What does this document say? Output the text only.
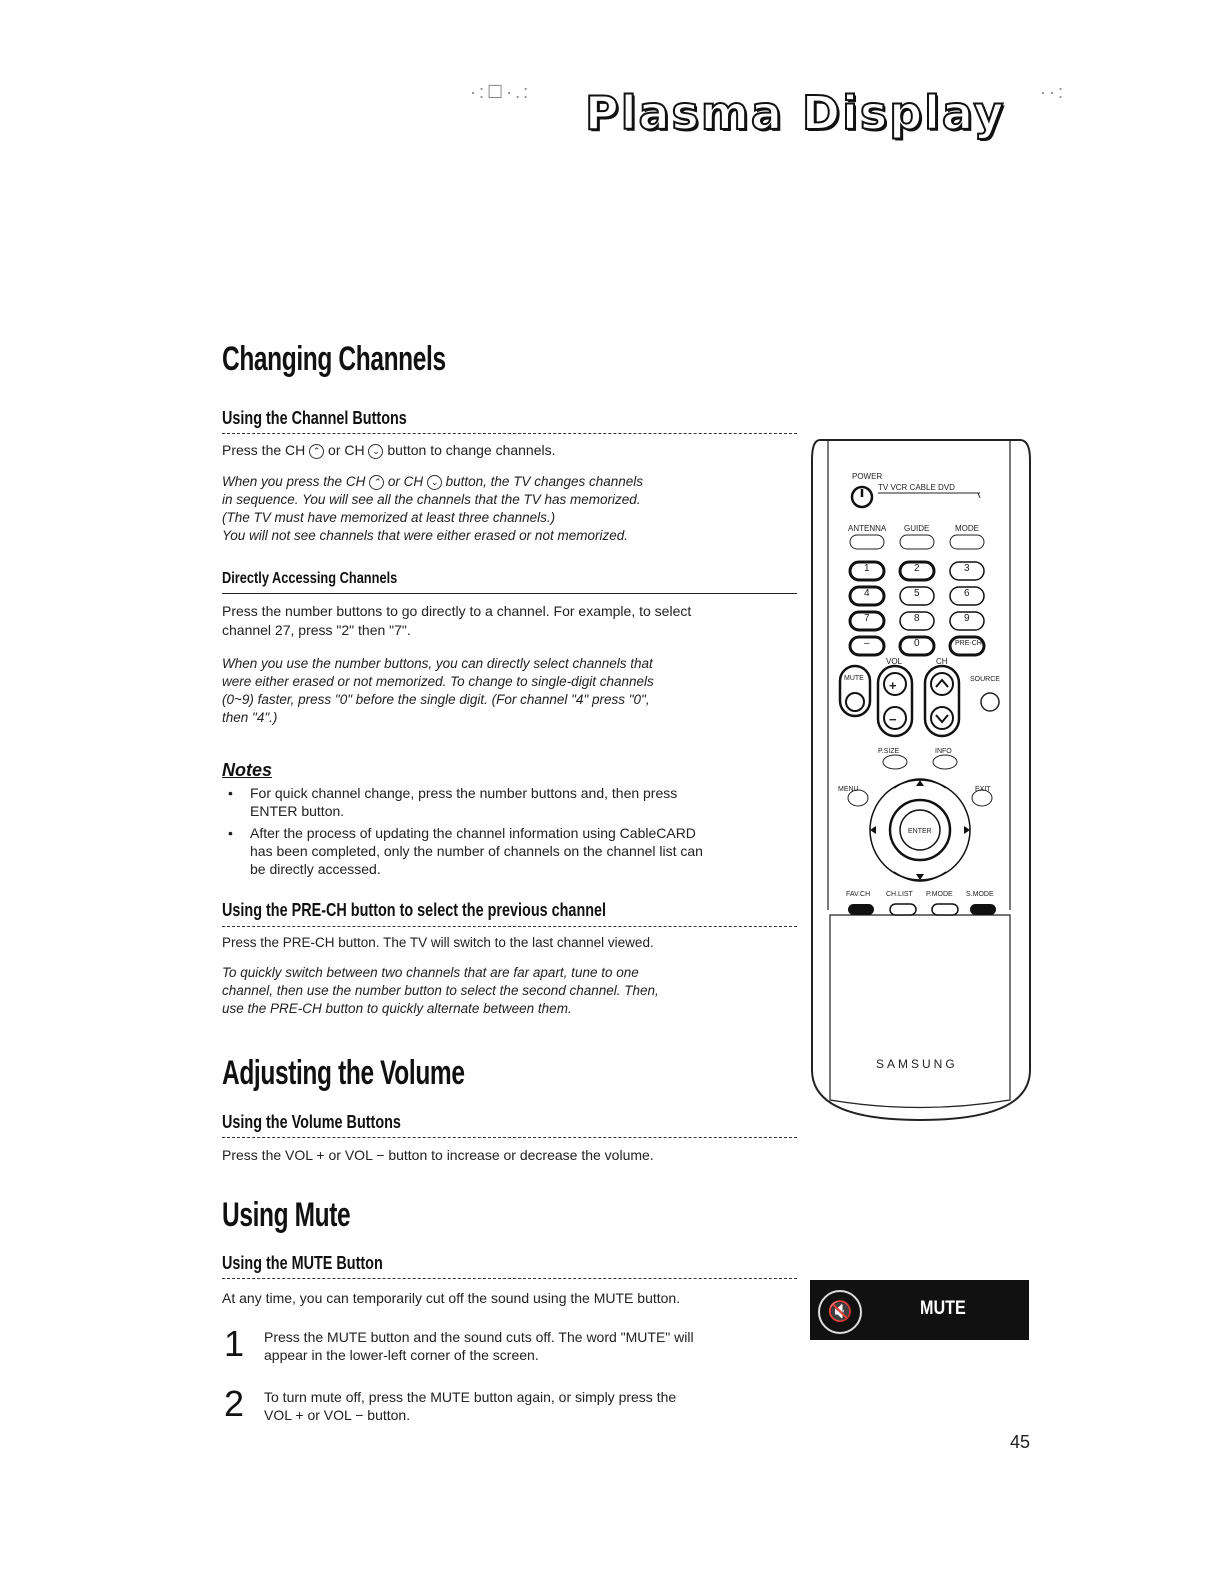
·:☐·.: Plasma Display ··:
Changing Channels
Using the Channel Buttons
Press the CH ⌃ or CH ⌄ button to change channels.
When you press the CH ⌃ or CH ⌄ button, the TV changes channels
in sequence. You will see all the channels that the TV has memorized.
(The TV must have memorized at least three channels.)
You will not see channels that were either erased or not memorized.
Directly Accessing Channels
Press the number buttons to go directly to a channel. For example, to select
channel 27, press "2" then "7".
When you use the number buttons, you can directly select channels that
were either erased or not memorized. To change to single-digit channels
(0~9) faster, press "0" before the single digit. (For channel "4" press "0",
then "4".)
Notes
• For quick channel change, press the number buttons and, then press
ENTER button.
• After the process of updating the channel information using CableCARD
has been completed, only the number of channels on the channel list can
be directly accessed.
Using the PRE-CH button to select the previous channel
Press the PRE-CH button. The TV will switch to the last channel viewed.
To quickly switch between two channels that are far apart, tune to one
channel, then use the number button to select the second channel. Then,
use the PRE-CH button to quickly alternate between them.
Adjusting the Volume
Using the Volume Buttons
Press the VOL + or VOL − button to increase or decrease the volume.
Using Mute
Using the MUTE Button
At any time, you can temporarily cut off the sound using the MUTE button.
1 Press the MUTE button and the sound cuts off. The word "MUTE" will
appear in the lower-left corner of the screen.
2 To turn mute off, press the MUTE button again, or simply press the
VOL + or VOL − button.
🔇	MUTE
POWER
TV VCR CABLE DVD
ANTENNA GUIDE	MODE
1	2	3
4	5	6
7	8	9
–	0	PRE-CH
VOL	CH
MUTE	SOURCE
+
−
P.SIZE	INFO
MENU	EXIT
ENTER
FAV.CH CH.LIST P.MODE S.MODE
SAMSUNG
45
